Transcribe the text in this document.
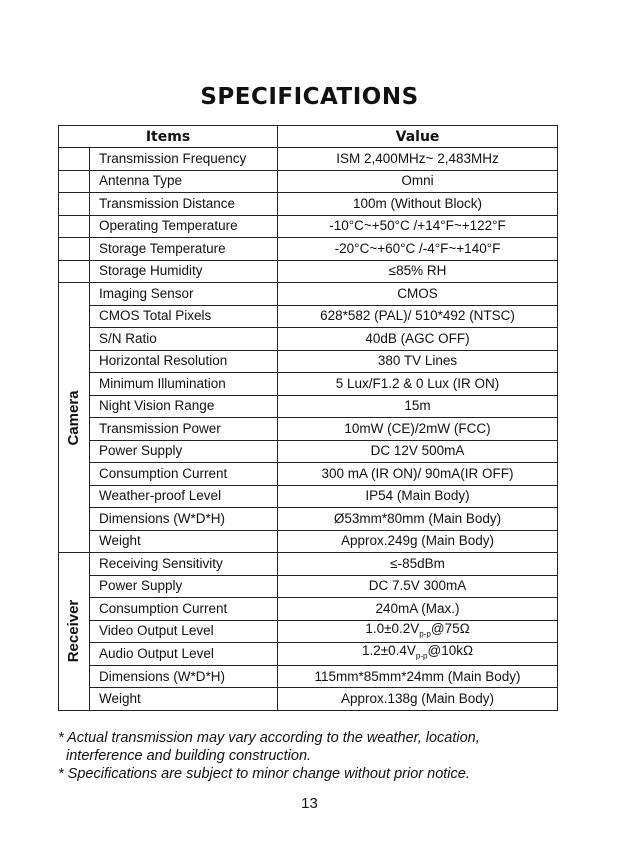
SPECIFICATIONS
Items		Value
	Transmission Frequency	ISM 2,400MHz~ 2,483MHz
	Antenna Type	Omni
	Transmission Distance	100m (Without Block)
	Operating Temperature	-10°C~+50°C /+14°F~+122°F
	Storage Temperature	-20°C~+60°C /-4°F~+140°F
	Storage Humidity	≤85% RH

Camera	Imaging Sensor	CMOS
	CMOS Total Pixels	628*582 (PAL)/ 510*492 (NTSC)
	S/N Ratio	40dB (AGC OFF)
	Horizontal Resolution	380 TV Lines
	Minimum Illumination	5 Lux/F1.2 & 0 Lux (IR ON)
	Night Vision Range	15m
	Transmission Power	10mW (CE)/2mW (FCC)
	Power Supply	DC 12V 500mA
	Consumption Current	300 mA (IR ON)/ 90mA(IR OFF)
	Weather-proof Level	IP54 (Main Body)
	Dimensions (W*D*H)	Ø53mm*80mm (Main Body)
	Weight	Approx.249g (Main Body)

Receiver	Receiving Sensitivity	≤-85dBm
	Power Supply	DC 7.5V 300mA
	Consumption Current	240mA (Max.)
	Video Output Level	$1.0\pm 0.2V_{p-p}@75\Omega$
	Audio Output Level	$1.2\pm 0.4V_{p-p}@10k\Omega$
	Dimensions (W*D*H)	115mm*85mm*24mm (Main Body)
	Weight	Approx.138g (Main Body)
* Actual transmission may vary according to the weather, location,
interference and building construction.
* Specifications are subject to minor change without prior notice.
13
